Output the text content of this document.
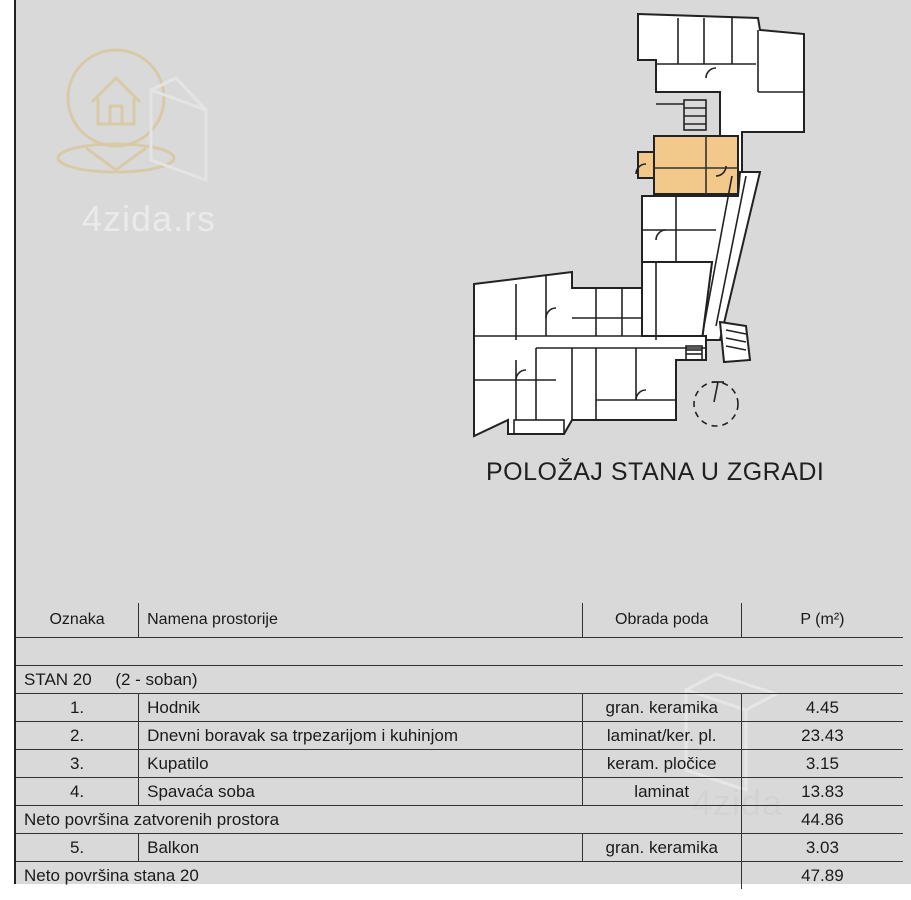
4zida.rs
POLOŽAJ STANA U ZGRADI
4zida
Oznaka	Namena prostorije	Obrada poda	P (m²)

STAN 20     (2 - soban)			
1.	Hodnik	gran. keramika	4.45
2.	Dnevni boravak sa trpezarijom i kuhinjom	laminat/ker. pl.	23.43
3.	Kupatilo	keram. pločice	3.15
4.	Spavaća soba	laminat	13.83
Neto površina zatvorenih prostora			44.86
5.	Balkon	gran. keramika	3.03
Neto površina stana 20			47.89
